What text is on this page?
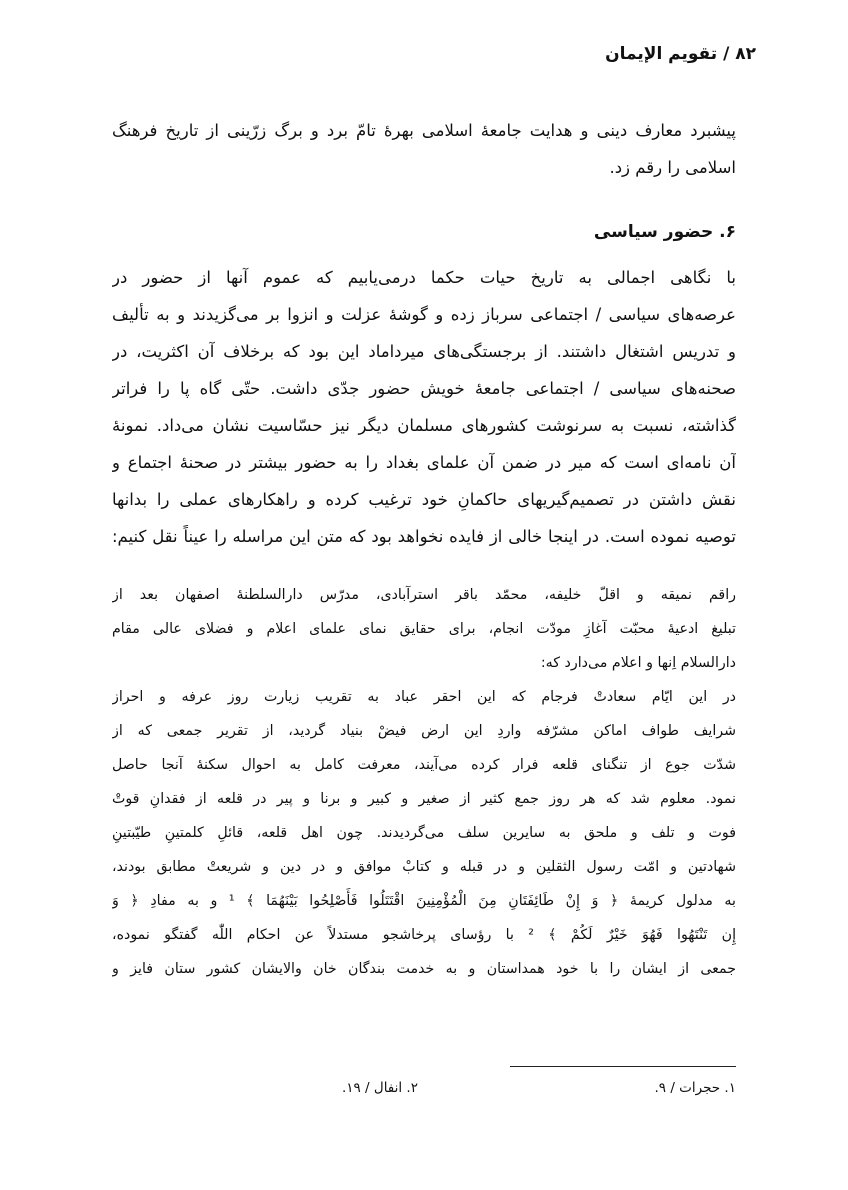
۸۲ / تقویم الإیمان
پیشبرد معارف دینی و هدایت جامعهٔ اسلامی بهرهٔ تامّ برد و برگ زرّینی از تاریخ فرهنگ
اسلامی را رقم زد.
۶. حضور سیاسی
با نگاهی اجمالی به تاریخ حیات حکما درمی‌یابیم که عموم آنها از حضور در
عرصه‌های سیاسی / اجتماعی سرباز زده و گوشهٔ عزلت و انزوا بر می‌گزیدند و به تألیف
و تدریس اشتغال داشتند. از برجستگی‌های میرداماد این بود که برخلاف آن اکثریت، در
صحنه‌های سیاسی / اجتماعی جامعهٔ خویش حضور جدّی داشت. حتّی گاه پا را فراتر
گذاشته، نسبت به سرنوشت کشورهای مسلمان دیگر نیز حسّاسیت نشان می‌داد. نمونهٔ
آن نامه‌ای است که میر در ضمن آن علمای بغداد را به حضور بیشتر در صحنهٔ اجتماع و
نقش داشتن در تصمیم‌گیریهای حاکمانِ خود ترغیب کرده و راهکارهای عملی را بدانها
توصیه نموده است. در اینجا خالی از فایده نخواهد بود که متن این مراسله را عیناً نقل کنیم:
راقم نمیقه و اقلّ خلیفه، محمّد باقر استرآبادی، مدرّس دارالسلطنهٔ اصفهان بعد از
تبلیغ ادعیهٔ محبّت آغازِ مودّت انجام، برای حقایق نمای علمای اعلام و فضلای عالی مقام
دارالسلام اِنها و اعلام می‌دارد که:
در این ایّام سعادتْ فرجام که این احقر عباد به تقریب زیارت روز عرفه و احراز
شرایف طواف اماکن مشرّفه واردِ این ارض فیضْ بنیاد گردید، از تقریر جمعی که از
شدّت جوع از تنگنای قلعه فرار کرده می‌آیند، معرفت کامل به احوال سکنهٔ آنجا حاصل
نمود. معلوم شد که هر روز جمع کثیر از صغیر و کبیر و برنا و پیر در قلعه از فقدانِ قوتْ
فوت و تلف و ملحق به سایرین سلف می‌گردیدند. چون اهل قلعه، قائلِ کلمتینِ طیّبتینِ
شهادتین و امّت رسول الثقلین و در قبله و کتابْ موافق و در دین و شریعتْ مطابق بودند،
به مدلول کریمهٔ ﴿ وَ إِنْ طَائِفَتَانِ مِنَ الْمُؤْمِنِينَ اقْتَتَلُوا فَأَصْلِحُوا بَيْنَهُمَا ﴾ ¹ و به مفادِ ﴿ وَ
إِن تَنْتَهُوا فَهُوَ خَيْرٌ لَكُمْ ﴾ ² با رؤسای پرخاشجو مستدلاً عن احکام اللّٰه گفتگو نموده،
جمعی از ایشان را با خود همداستان و به خدمت بندگان خان والایشان کشور ستان فایز و
۱. حجرات / ۹.
۲. انفال / ۱۹.
